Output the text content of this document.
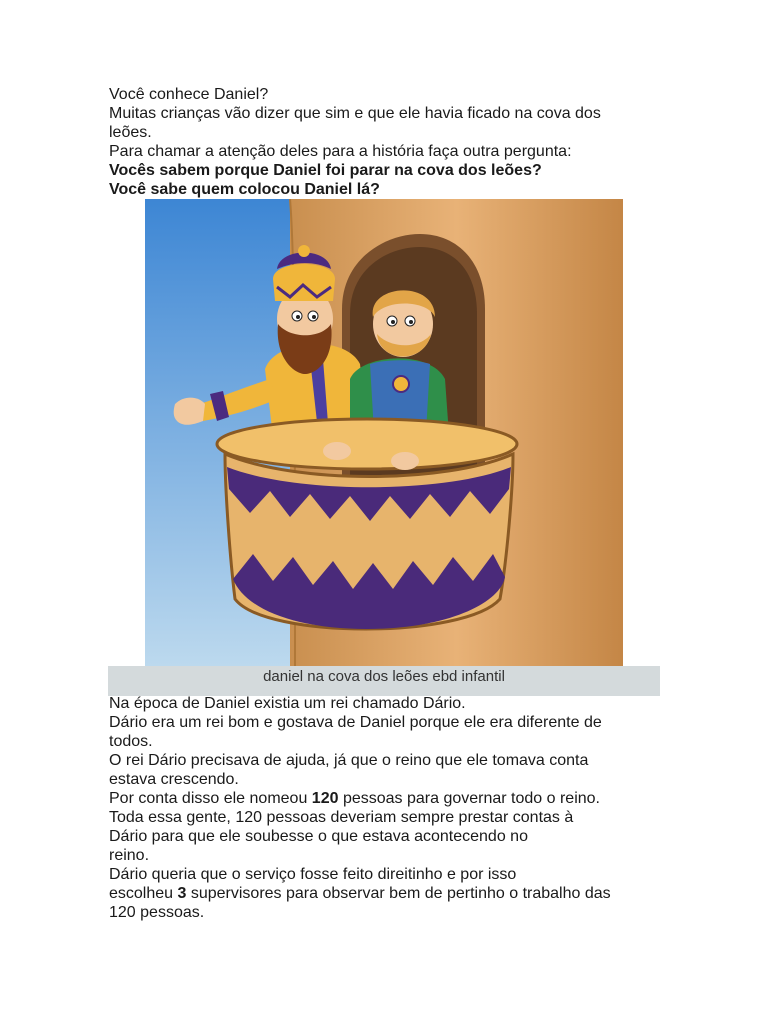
Você conhece Daniel?
Muitas crianças vão dizer que sim e que ele havia ficado na cova dos
leões.
Para chamar a atenção deles para a história faça outra pergunta:
Vocês sabem porque Daniel foi parar na cova dos leões?
Você sabe quem colocou Daniel lá?
daniel na cova dos leões ebd infantil
Na época de Daniel existia um rei chamado Dário.
Dário era um rei bom e gostava de Daniel porque ele era diferente de
todos.
O rei Dário precisava de ajuda, já que o reino que ele tomava conta
estava crescendo.
Por conta disso ele nomeou 120 pessoas para governar todo o reino.
Toda essa gente, 120 pessoas deveriam sempre prestar contas à
Dário para que ele soubesse o que estava acontecendo no
reino.
Dário queria que o serviço fosse feito direitinho e por isso
escolheu 3 supervisores para observar bem de pertinho o trabalho das
120 pessoas.
